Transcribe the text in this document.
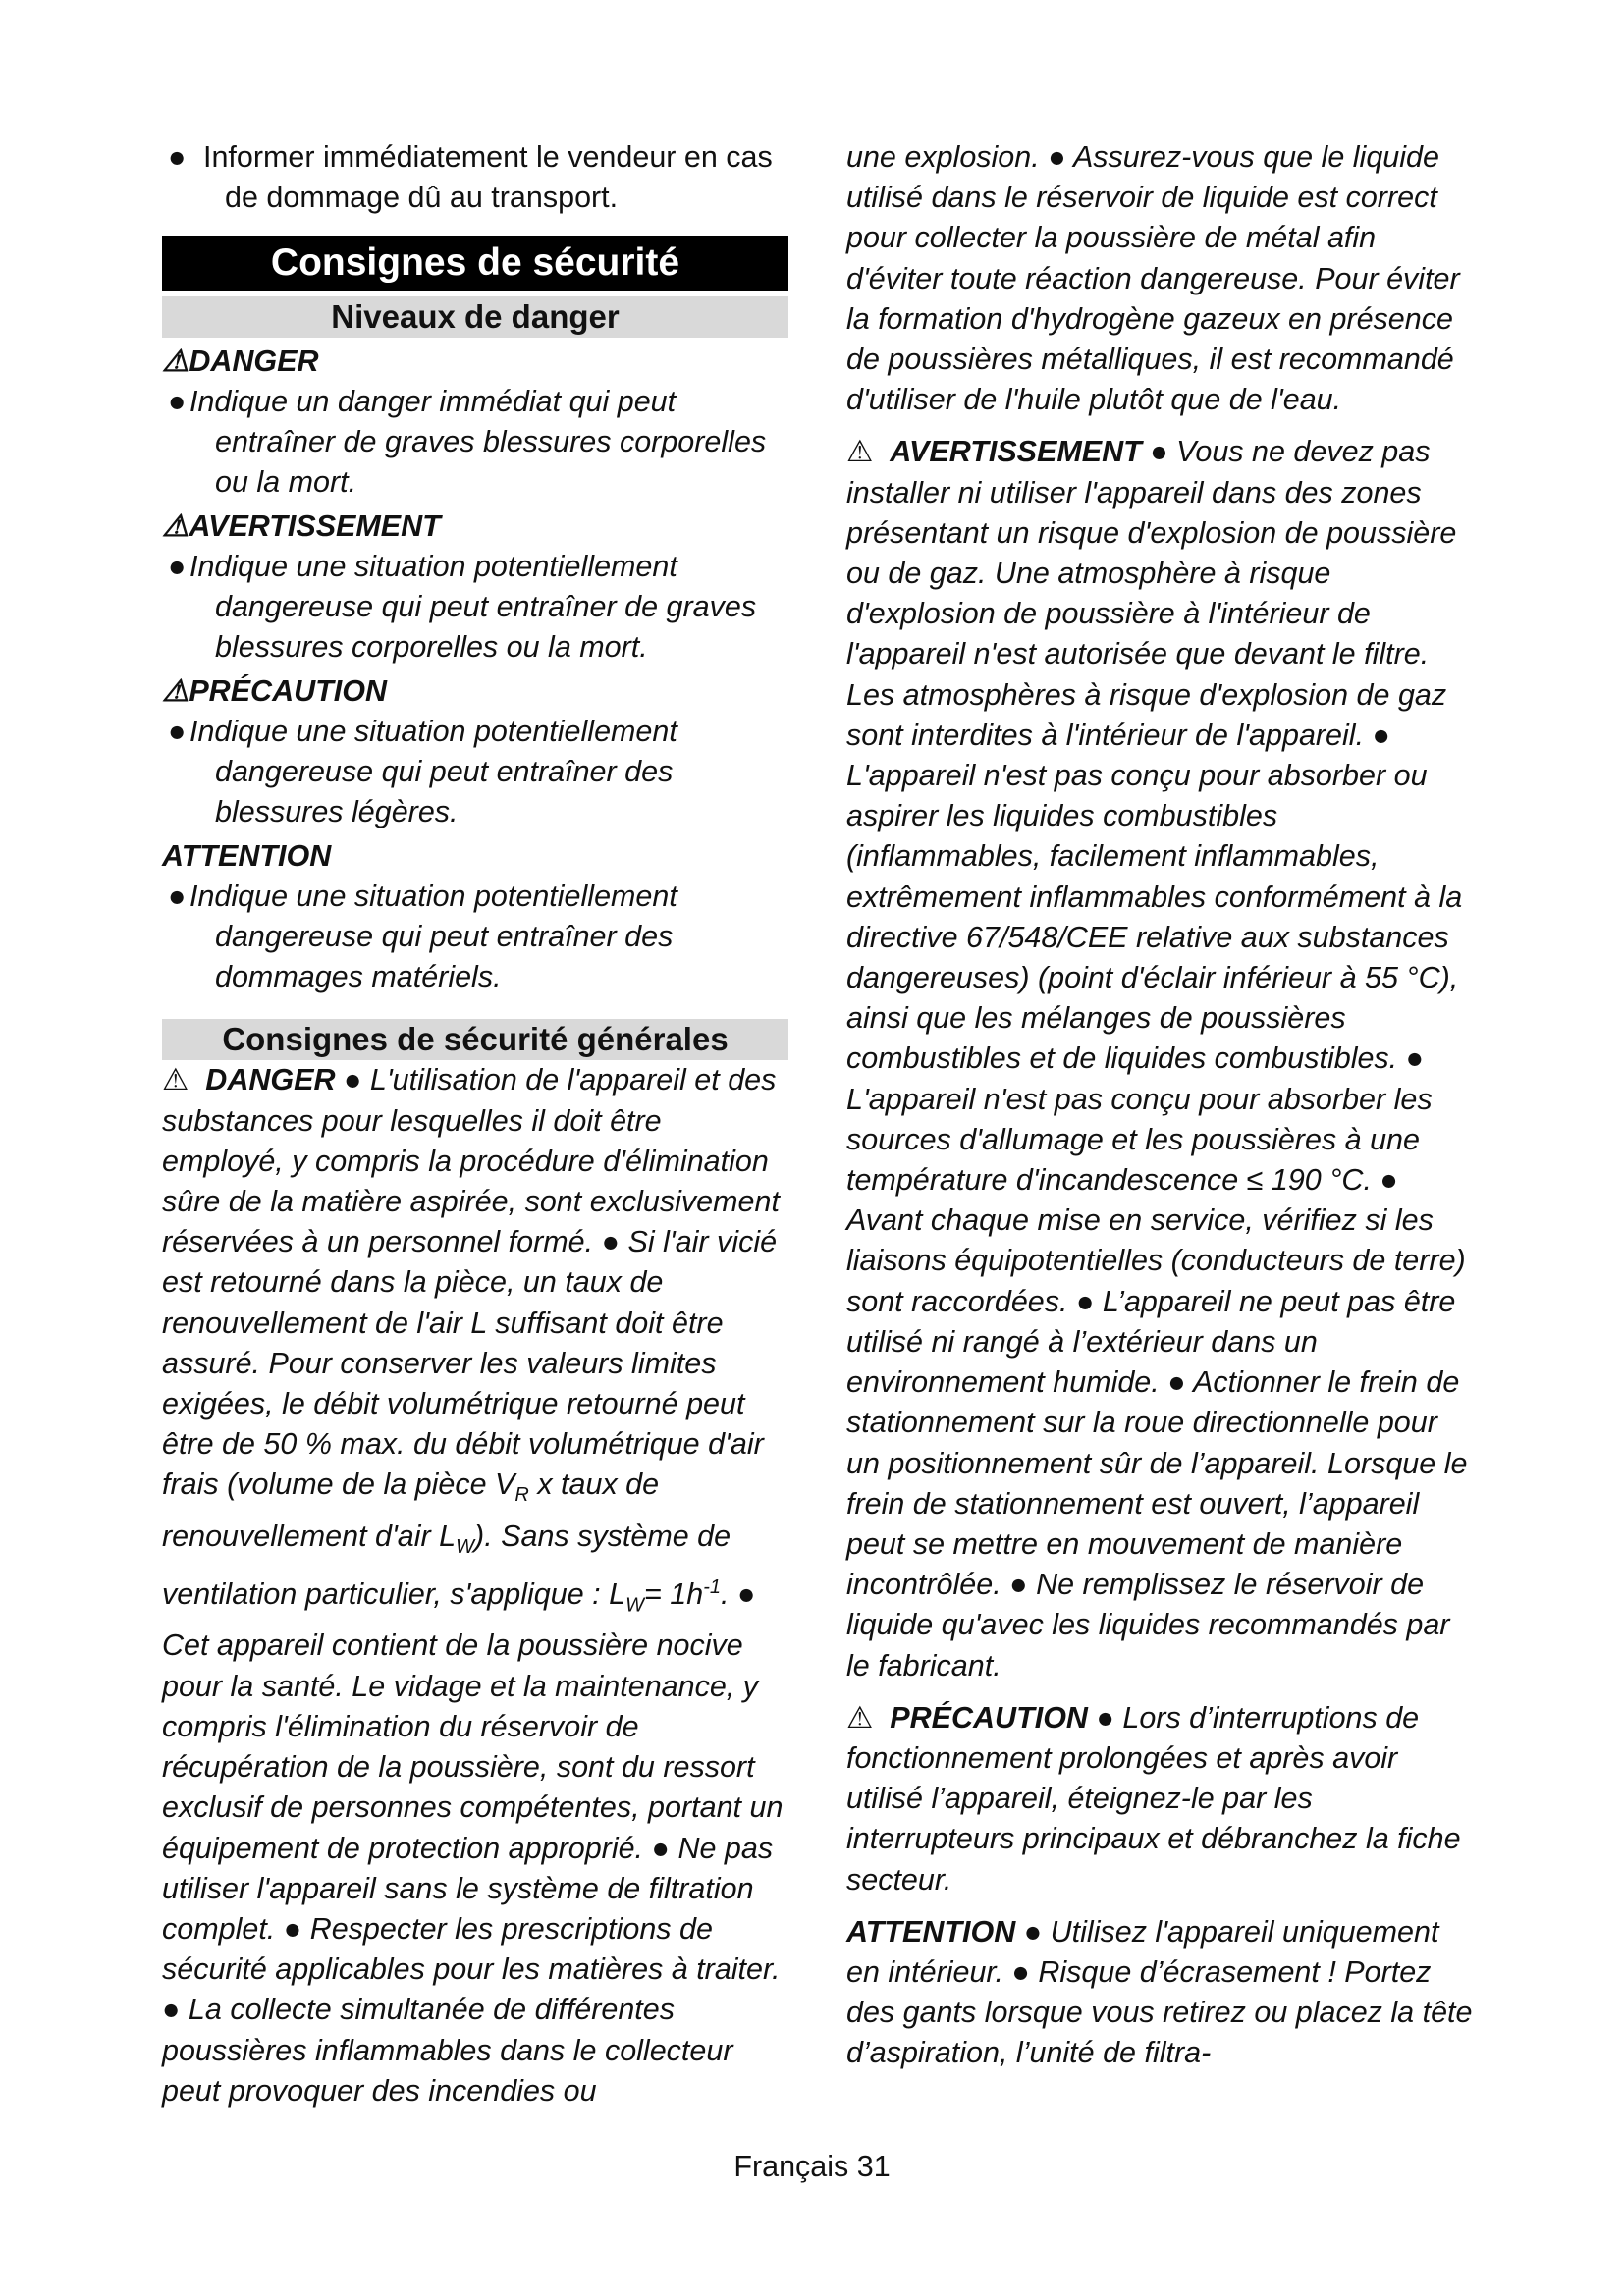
● Informer immédiatement le vendeur en cas de dommage dû au transport.
Consignes de sécurité
Niveaux de danger
⚠DANGER
● Indique un danger immédiat qui peut entraîner de graves blessures corporelles ou la mort.
⚠AVERTISSEMENT
● Indique une situation potentiellement dangereuse qui peut entraîner de graves blessures corporelles ou la mort.
⚠PRÉCAUTION
● Indique une situation potentiellement dangereuse qui peut entraîner des blessures légères.
ATTENTION
● Indique une situation potentiellement dangereuse qui peut entraîner des dommages matériels.
Consignes de sécurité générales

⚠ DANGER ● L'utilisation de l'appareil et des substances pour lesquelles il doit être employé, y compris la procédure d'élimination sûre de la matière aspirée, sont exclusivement réservées à un personnel formé. ● Si l'air vicié est retourné dans la pièce, un taux de renouvellement de l'air L suffisant doit être assuré. Pour conserver les valeurs limites exigées, le débit volumétrique retourné peut être de 50 % max. du débit volumétrique d'air frais (volume de la pièce $V_R$ x taux de renouvellement d'air $L_W$). Sans système de ventilation particulier, s'applique : $L_W= 1h^{-1}$. ● Cet appareil contient de la poussière nocive pour la santé. Le vidage et la maintenance, y compris l'élimination du réservoir de récupération de la poussière, sont du ressort exclusif de personnes compétentes, portant un équipement de protection approprié. ● Ne pas utiliser l'appareil sans le système de filtration complet. ● Respecter les prescriptions de sécurité applicables pour les matières à traiter. ● La collecte simultanée de différentes poussières inflammables dans le collecteur peut provoquer des incendies ou

une explosion. ● Assurez-vous que le liquide utilisé dans le réservoir de liquide est correct pour collecter la poussière de métal afin d'éviter toute réaction dangereuse. Pour éviter la formation d'hydrogène gazeux en présence de poussières métalliques, il est recommandé d'utiliser de l'huile plutôt que de l'eau.

⚠ AVERTISSEMENT ● Vous ne devez pas installer ni utiliser l'appareil dans des zones présentant un risque d'explosion de poussière ou de gaz. Une atmosphère à risque d'explosion de poussière à l'intérieur de l'appareil n'est autorisée que devant le filtre. Les atmosphères à risque d'explosion de gaz sont interdites à l'intérieur de l'appareil. ● L'appareil n'est pas conçu pour absorber ou aspirer les liquides combustibles (inflammables, facilement inflammables, extrêmement inflammables conformément à la directive 67/548/CEE relative aux substances dangereuses) (point d'éclair inférieur à 55 °C), ainsi que les mélanges de poussières combustibles et de liquides combustibles. ● L'appareil n'est pas conçu pour absorber les sources d'allumage et les poussières à une température d'incandescence ≤ 190 °C. ● Avant chaque mise en service, vérifiez si les liaisons équipotentielles (conducteurs de terre) sont raccordées. ● L’appareil ne peut pas être utilisé ni rangé à l’extérieur dans un environnement humide. ● Actionner le frein de stationnement sur la roue directionnelle pour un positionnement sûr de l’appareil. Lorsque le frein de stationnement est ouvert, l’appareil peut se mettre en mouvement de manière incontrôlée. ● Ne remplissez le réservoir de liquide qu'avec les liquides recommandés par le fabricant.

⚠ PRÉCAUTION ● Lors d’interruptions de fonctionnement prolongées et après avoir utilisé l’appareil, éteignez-le par les interrupteurs principaux et débranchez la fiche secteur.

ATTENTION ● Utilisez l'appareil uniquement en intérieur. ● Risque d’écrasement ! Portez des gants lorsque vous retirez ou placez la tête d’aspiration, l’unité de filtra-

Français 31
